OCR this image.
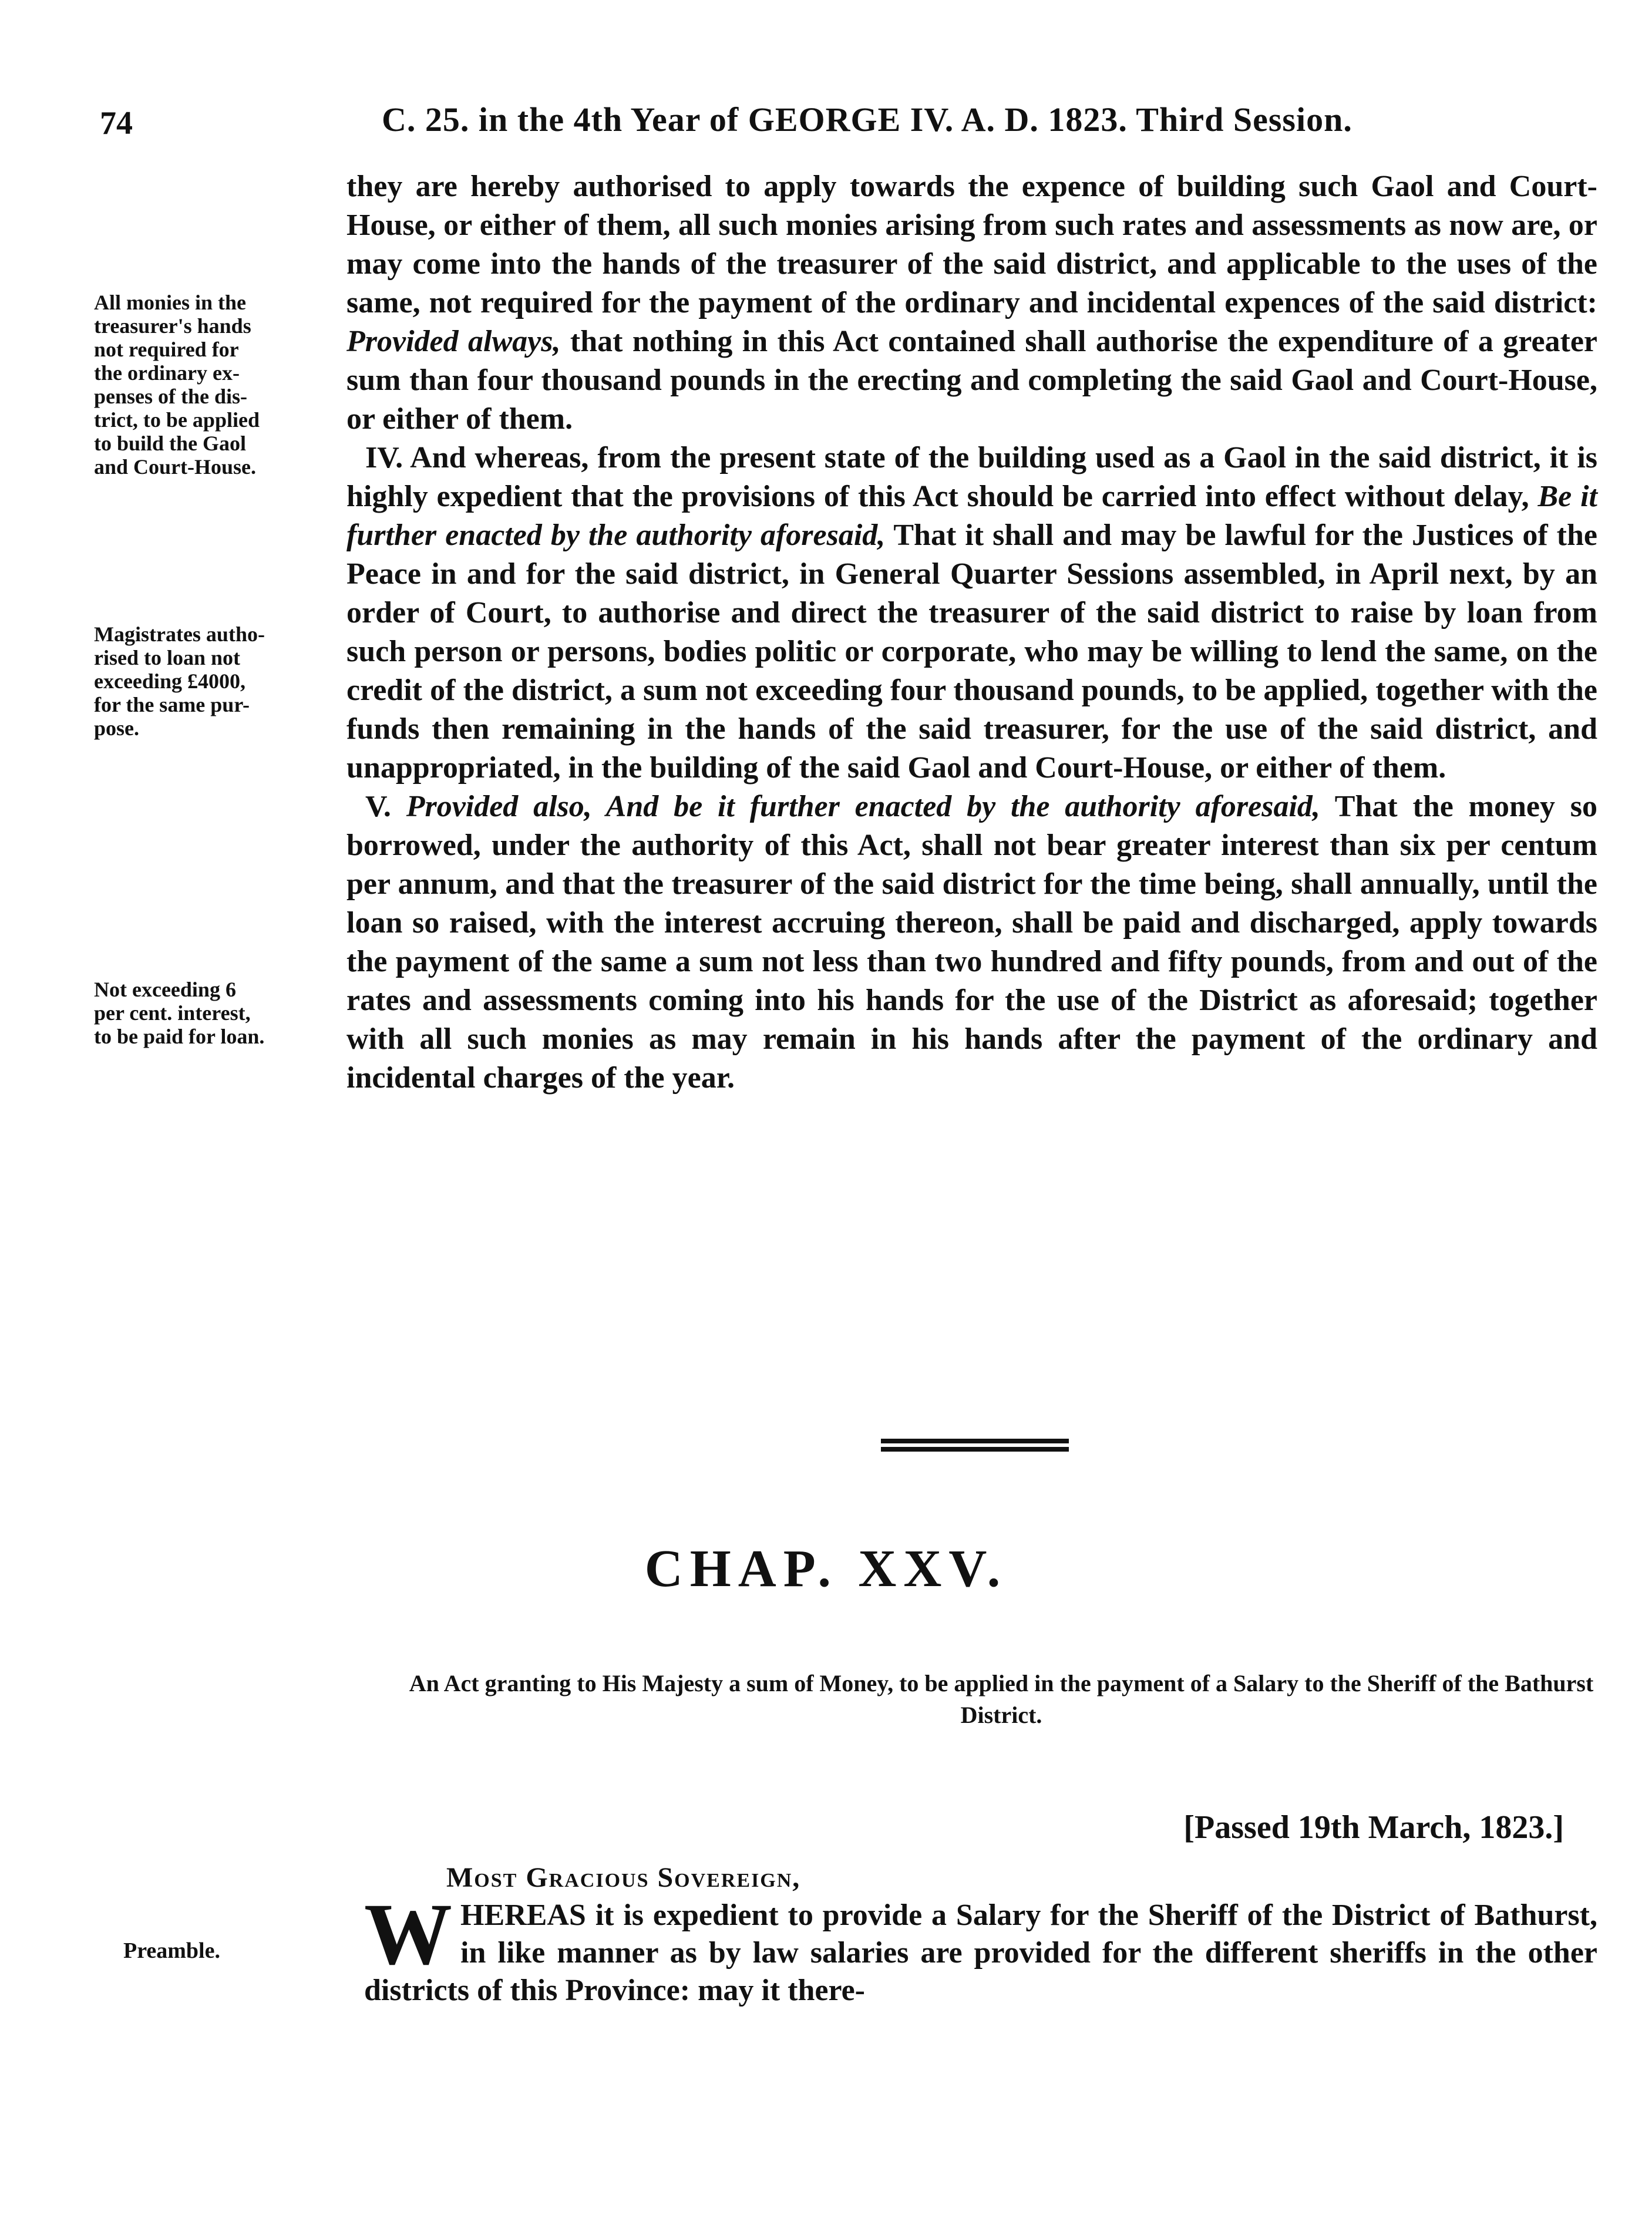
74	C. 25. in the 4th Year of GEORGE IV. A. D. 1823. Third Session.
All monies in the
treasurer's hands
not required for
the ordinary ex-
penses of the dis-
trict, to be applied
to build the Gaol
and Court-House.
Magistrates autho-
rised to loan not
exceeding £4000,
for the same pur-
pose.
Not exceeding 6
per cent. interest,
to be paid for loan.

they are hereby authorised to apply towards the expence of building such Gaol and Court-House, or either of them, all such monies arising from such rates and assessments as now are, or may come into the hands of the treasurer of the said district, and applicable to the uses of the same, not required for the payment of the ordinary and incidental expences of the said district: Provided always, that nothing in this Act contained shall authorise the expenditure of a greater sum than four thousand pounds in the erecting and completing the said Gaol and Court-House, or either of them.

IV. And whereas, from the present state of the building used as a Gaol in the said district, it is highly expedient that the provisions of this Act should be carried into effect without delay, Be it further enacted by the authority aforesaid, That it shall and may be lawful for the Justices of the Peace in and for the said district, in General Quarter Sessions assembled, in April next, by an order of Court, to authorise and direct the treasurer of the said district to raise by loan from such person or persons, bodies politic or corporate, who may be willing to lend the same, on the credit of the district, a sum not exceeding four thousand pounds, to be applied, together with the funds then remaining in the hands of the said treasurer, for the use of the said district, and unappropriated, in the building of the said Gaol and Court-House, or either of them.

V. Provided also, And be it further enacted by the authority aforesaid, That the money so borrowed, under the authority of this Act, shall not bear greater interest than six per centum per annum, and that the treasurer of the said district for the time being, shall annually, until the loan so raised, with the interest accruing thereon, shall be paid and discharged, apply towards the payment of the same a sum not less than two hundred and fifty pounds, from and out of the rates and assessments coming into his hands for the use of the District as aforesaid; together with all such monies as may remain in his hands after the payment of the ordinary and incidental charges of the year.

CHAP. XXV.
An Act granting to His Majesty a sum of Money, to be applied in the payment of a Salary to the Sheriff of the Bathurst District.
[Passed 19th March, 1823.]
Most Gracious Sovereign,
Preamble. WHEREAS it is expedient to provide a Salary for the Sheriff of the District of Bathurst, in like manner as by law salaries are provided for the different sheriffs in the other districts of this Province: may it there-
